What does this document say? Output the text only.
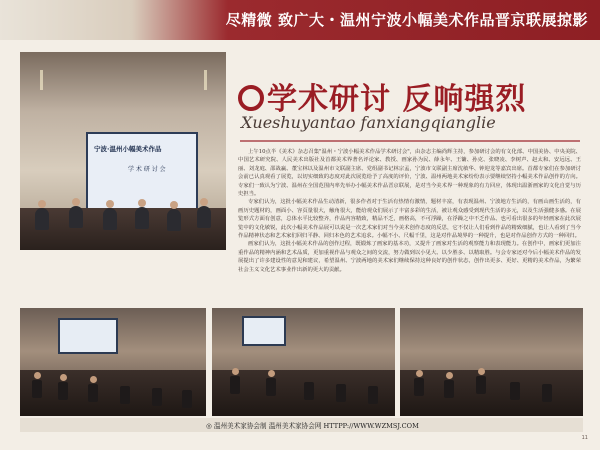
尽精微 致广大・温州宁波小幅美术作品晋京联展掠影
宁波·温州小幅美术作品
学 术 研 讨 会
学术研讨 反响强烈
Xueshuyantao fanxiangqianglie

上午10点半《美术》杂志召集"温州・宁波小幅美术作品学术研讨会"，由杂志主编尚辉主持，参加研讨会的有文化部、中国美协、中央美院、中国艺术研究院、人民美术出版社及首都美术界著名评论家、教授、画家孙为民、薛永年、王镛、孙克、张晓凌、李树声、赵太和、安远远、王丽、刘龙庭、邵战赢、董宝林以及温州市文联副主席、党组副书记林宗孟，宁波市文联副主席沈敏华、钟迎龙等嘉宾出席。首都专家们在参加研讨会前已认真观看了展览，以切实细致的态度对此次展览给予了高度的评价，宁波、温州两地美术家纷纷表示要继续坚持小幅美术作品创作的方向。专家们一致认为宁波、温州在全国范围内率先举办小幅美术作品晋京联展，是对当今美术界一种现象的有力回应，体现出温浙画家的文化自觉与历史担当。

专家们认为，这批小幅美术作品生动清新，很多作者对于生活有热情有激情，题材丰富，有表现温州、宁波地方生活的，有画山画生活的，有画历史题材的，画面小、容页量很大，触角很大，能给观众们展示了丰富多彩的生活，被让观众感受到现代生活的多元，以及生活强健多感。在展览形式方面有创意，总体水平比较整齐，作品内容精致，精品不乏，画格高，不可浮躁，在浮躁之中不乏作品、也可看出很多的年轻画家在此次展览中的文化敏锐，此次小幅美术作品展可以说是一次艺术家们对当今美术创作态度的反思，它不仅让人们看到作品的精致细腻，也让人看到了当今作品精神状态和艺术家们回归平静、回归本色的艺术追求。小幅不小、尺幅千里，这是对作品境界的一种提升，也是对作品创作方式的一种回归。

画家们认为，这批小幅美术作品的创作过程，既锻炼了画家的基本功，又提升了画家对生活的观察能力和表现能力。在创作中，画家们更加注重作品的精神内涵和艺术品质，更加重视作品与观众之间的交流，努力做到以小见大、以少胜多、以精取胜。与会专家还对今后小幅美术作品的发展提出了许多建设性的意见和建议，希望温州、宁波两地的美术家们继续保持这种良好的创作状态，创作出更多、更好、更精的美术作品，为繁荣社会主义文化艺术事业作出新的更大的贡献。

◎ 温州美术家协会制 温州美术家协会网 HTTPP://WWW.WZMSJ.COM
11
